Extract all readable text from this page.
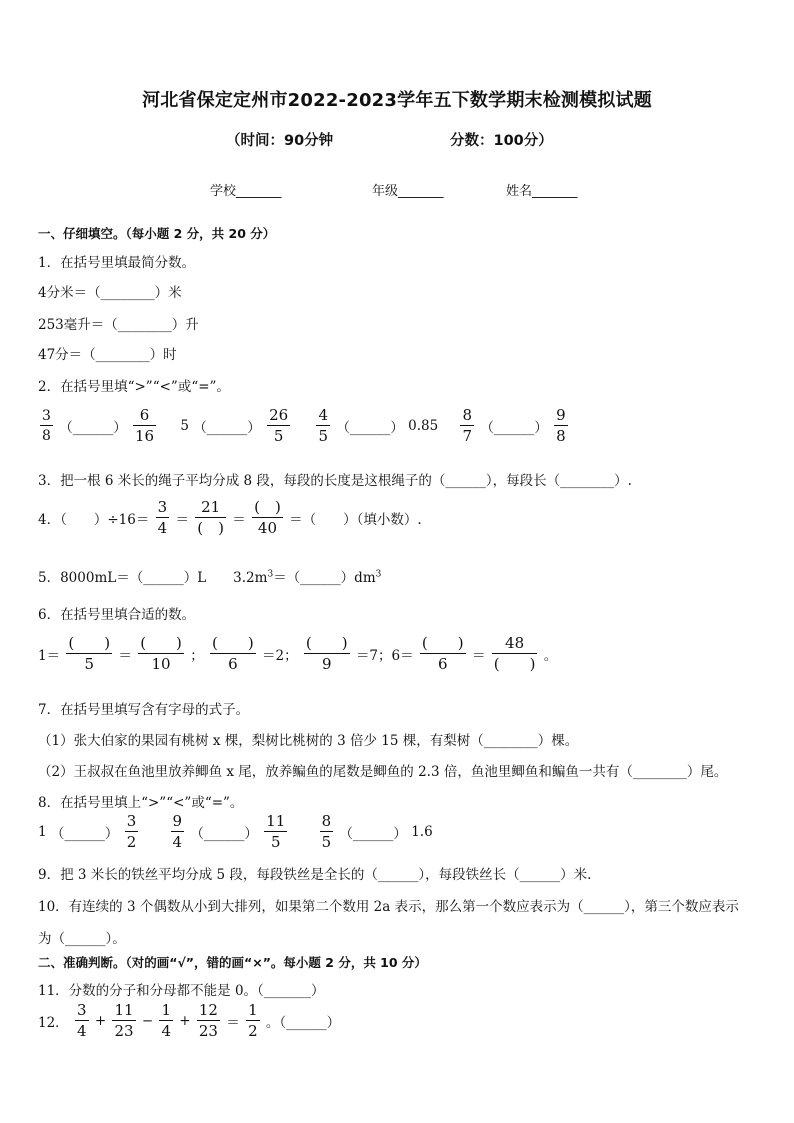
河北省保定定州市2022-2023学年五下数学期末检测模拟试题
（时间：90分钟	分数：100分）
学校_______	年级_______	姓名_______
一、仔细填空。（每小题 2 分，共 20 分）
1．在括号里填最简分数。
4分米＝（________）米
253毫升＝（________）升
47分＝（________）时
2．在括号里填“>”“<”或“=”。
$\frac{3}{8}$ （______） $\frac{6}{16} 5$ （______） $\frac{26}{5}$
$\frac{4}{5}$ （______） $0.85 \frac{8}{7}$ （______） $\frac{9}{8}$
3．把一根 6 米长的绳子平均分成 8 段，每段的长度是这根绳子的（______），每段长（________）.
4．（　　）$\div 16= \frac{3}{4} = \frac{21}{( )} = \frac{( )}{40}$ ＝（　　）（填小数）.
5．8000mL＝（______）L　　$3.2m^3=(\_\_\_\_\_\_)dm^3$
6．在括号里填合适的数。
$1= \frac{( )}{5} = \frac{( )}{10}$ ； $\frac{( )}{6} =2$； $\frac{( )}{9} =7$；$6= \frac{( )}{6} = \frac{48}{( )}$ 。
7．在括号里填写含有字母的式子。
（1）张大伯家的果园有桃树 x 棵，梨树比桃树的 3 倍少 15 棵，有梨树（________）棵。
（2）王叔叔在鱼池里放养鲫鱼 x 尾，放养鳊鱼的尾数是鲫鱼的 2.3 倍，鱼池里鲫鱼和鳊鱼一共有（________）尾。
8．在括号里填上“>”“<”或“=”。
1 （______） $\frac{3}{2}$
$\frac{9}{4}$ （______） $\frac{11}{5}$
$\frac{8}{5}$ （______） 1.6
9．把 3 米长的铁丝平均分成 5 段，每段铁丝是全长的（______），每段铁丝长（______）米.
10．有连续的 3 个偶数从小到大排列，如果第二个数用 2a 表示，那么第一个数应表示为（______），第三个数应表示
为（______）。
二、准确判断。（对的画“√”，错的画“×”。每小题 2 分，共 10 分）
11．分数的分子和分母都不能是 0。（_______）
12． $\frac{3}{4} + \frac{11}{23} - \frac{1}{4} + \frac{12}{23} = \frac{1}{2}$ 。（______）
